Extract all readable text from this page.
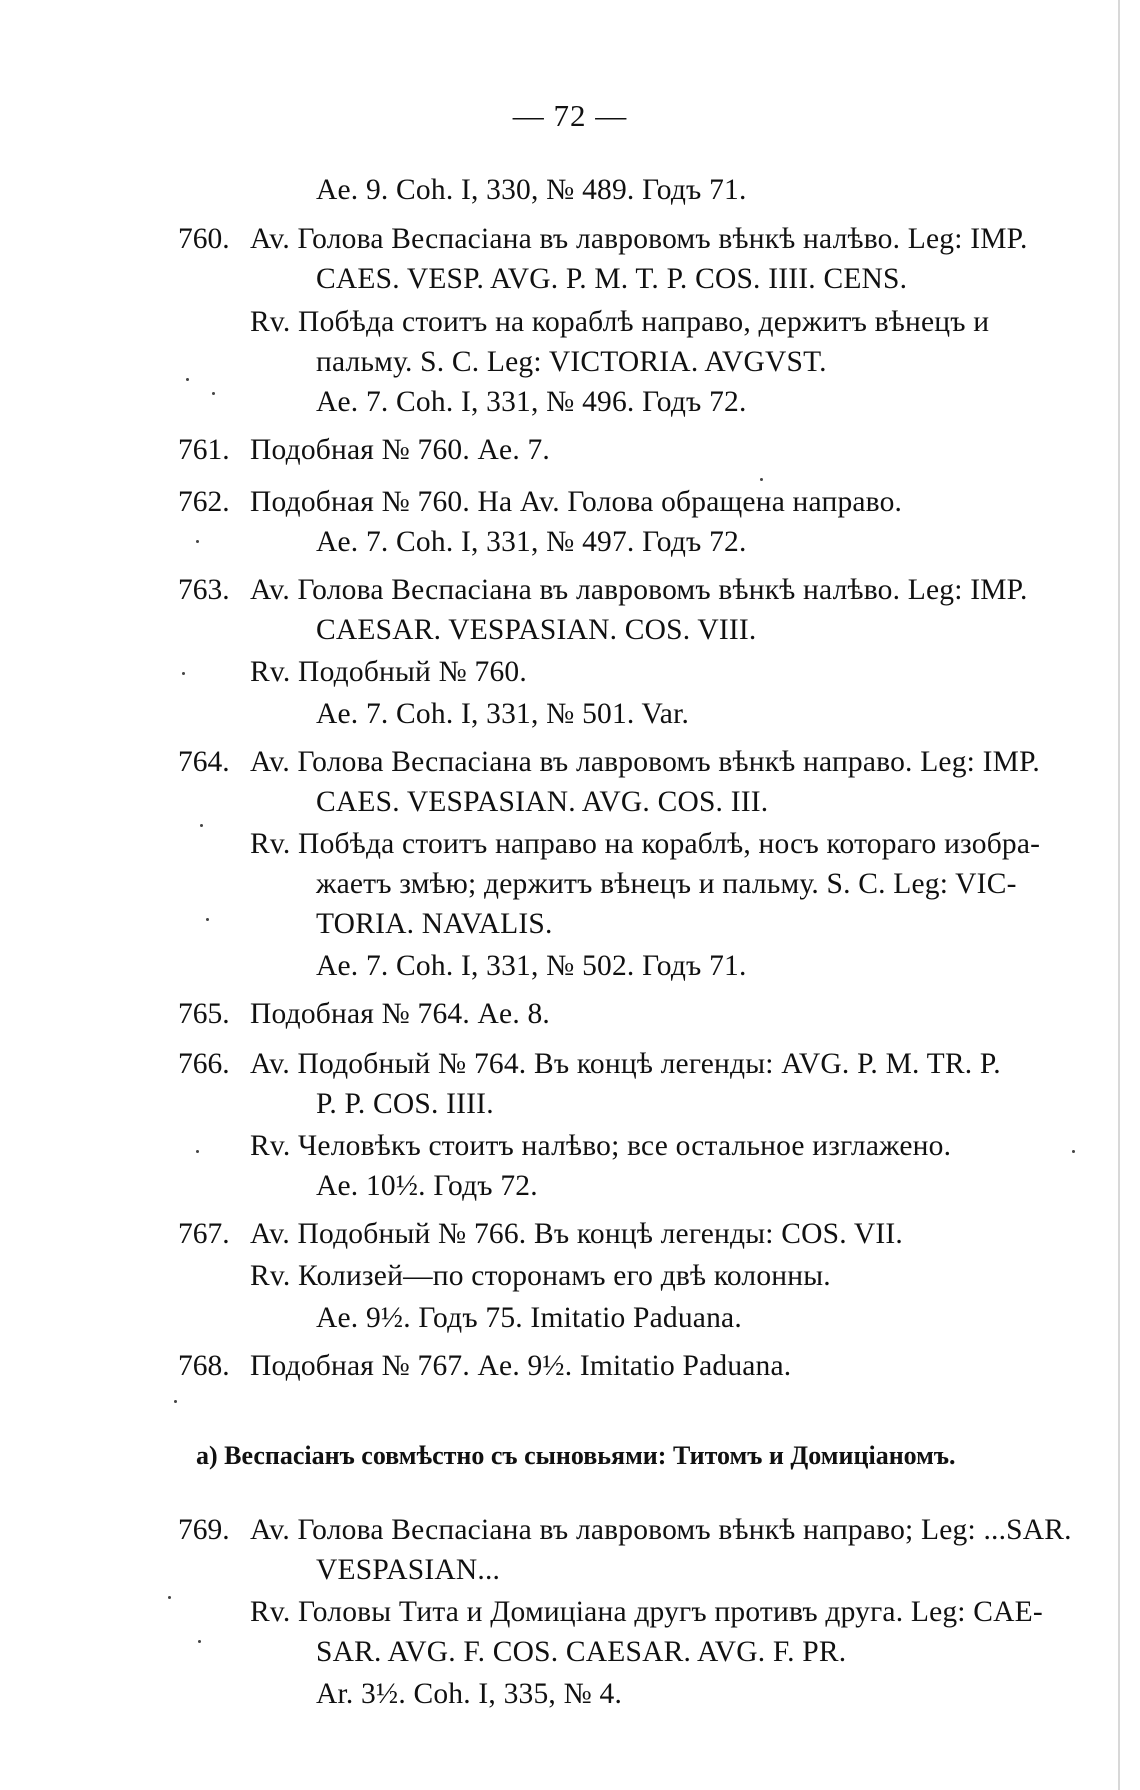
— 72 —
Ae. 9. Coh. I, 330, № 489. Годъ 71.
760. Av. Голова Веспасіана въ лавровомъ вѣнкѣ налѣво. Leg: IMP.
CAES. VESP. AVG. P. M. T. P. COS. IIII. CENS.
Rv. Побѣда стоитъ на кораблѣ направо, держитъ вѣнецъ и
пальму. S. C. Leg: VICTORIA. AVGVST.
Ae. 7. Coh. I, 331, № 496. Годъ 72.
761. Подобная № 760. Ae. 7.
762. Подобная № 760. На Av. Голова обращена направо.
Ae. 7. Coh. I, 331, № 497. Годъ 72.
763. Av. Голова Веспасіана въ лавровомъ вѣнкѣ налѣво. Leg: IMP.
CAESAR. VESPASIAN. COS. VIII.
Rv. Подобный № 760.
Ae. 7. Coh. I, 331, № 501. Var.
764. Av. Голова Веспасіана въ лавровомъ вѣнкѣ направо. Leg: IMP.
CAES. VESPASIAN. AVG. COS. III.
Rv. Побѣда стоитъ направо на кораблѣ, носъ котораго изобра-
жаетъ змѣю; держитъ вѣнецъ и пальму. S. C. Leg: VIC-
TORIA. NAVALIS.
Ae. 7. Coh. I, 331, № 502. Годъ 71.
765. Подобная № 764. Ae. 8.
766. Av. Подобный № 764. Въ концѣ легенды: AVG. P. M. TR. P.
P. P. COS. IIII.
Rv. Человѣкъ стоитъ налѣво; все остальное изглажено.
Ae. 10½. Годъ 72.
767. Av. Подобный № 766. Въ концѣ легенды: COS. VII.
Rv. Колизей—по сторонамъ его двѣ колонны.
Ae. 9½. Годъ 75. Imitatio Paduana.
768. Подобная № 767. Ae. 9½. Imitatio Paduana.
a) Веспасіанъ совмѣстно съ сыновьями: Титомъ и Домиціаномъ.
769. Av. Голова Веспасіана въ лавровомъ вѣнкѣ направо; Leg: ...SAR.
VESPASIAN...
Rv. Головы Тита и Домиціана другъ противъ друга. Leg: CAE-
SAR. AVG. F. COS. CAESAR. AVG. F. PR.
Ar. 3½. Coh. I, 335, № 4.
